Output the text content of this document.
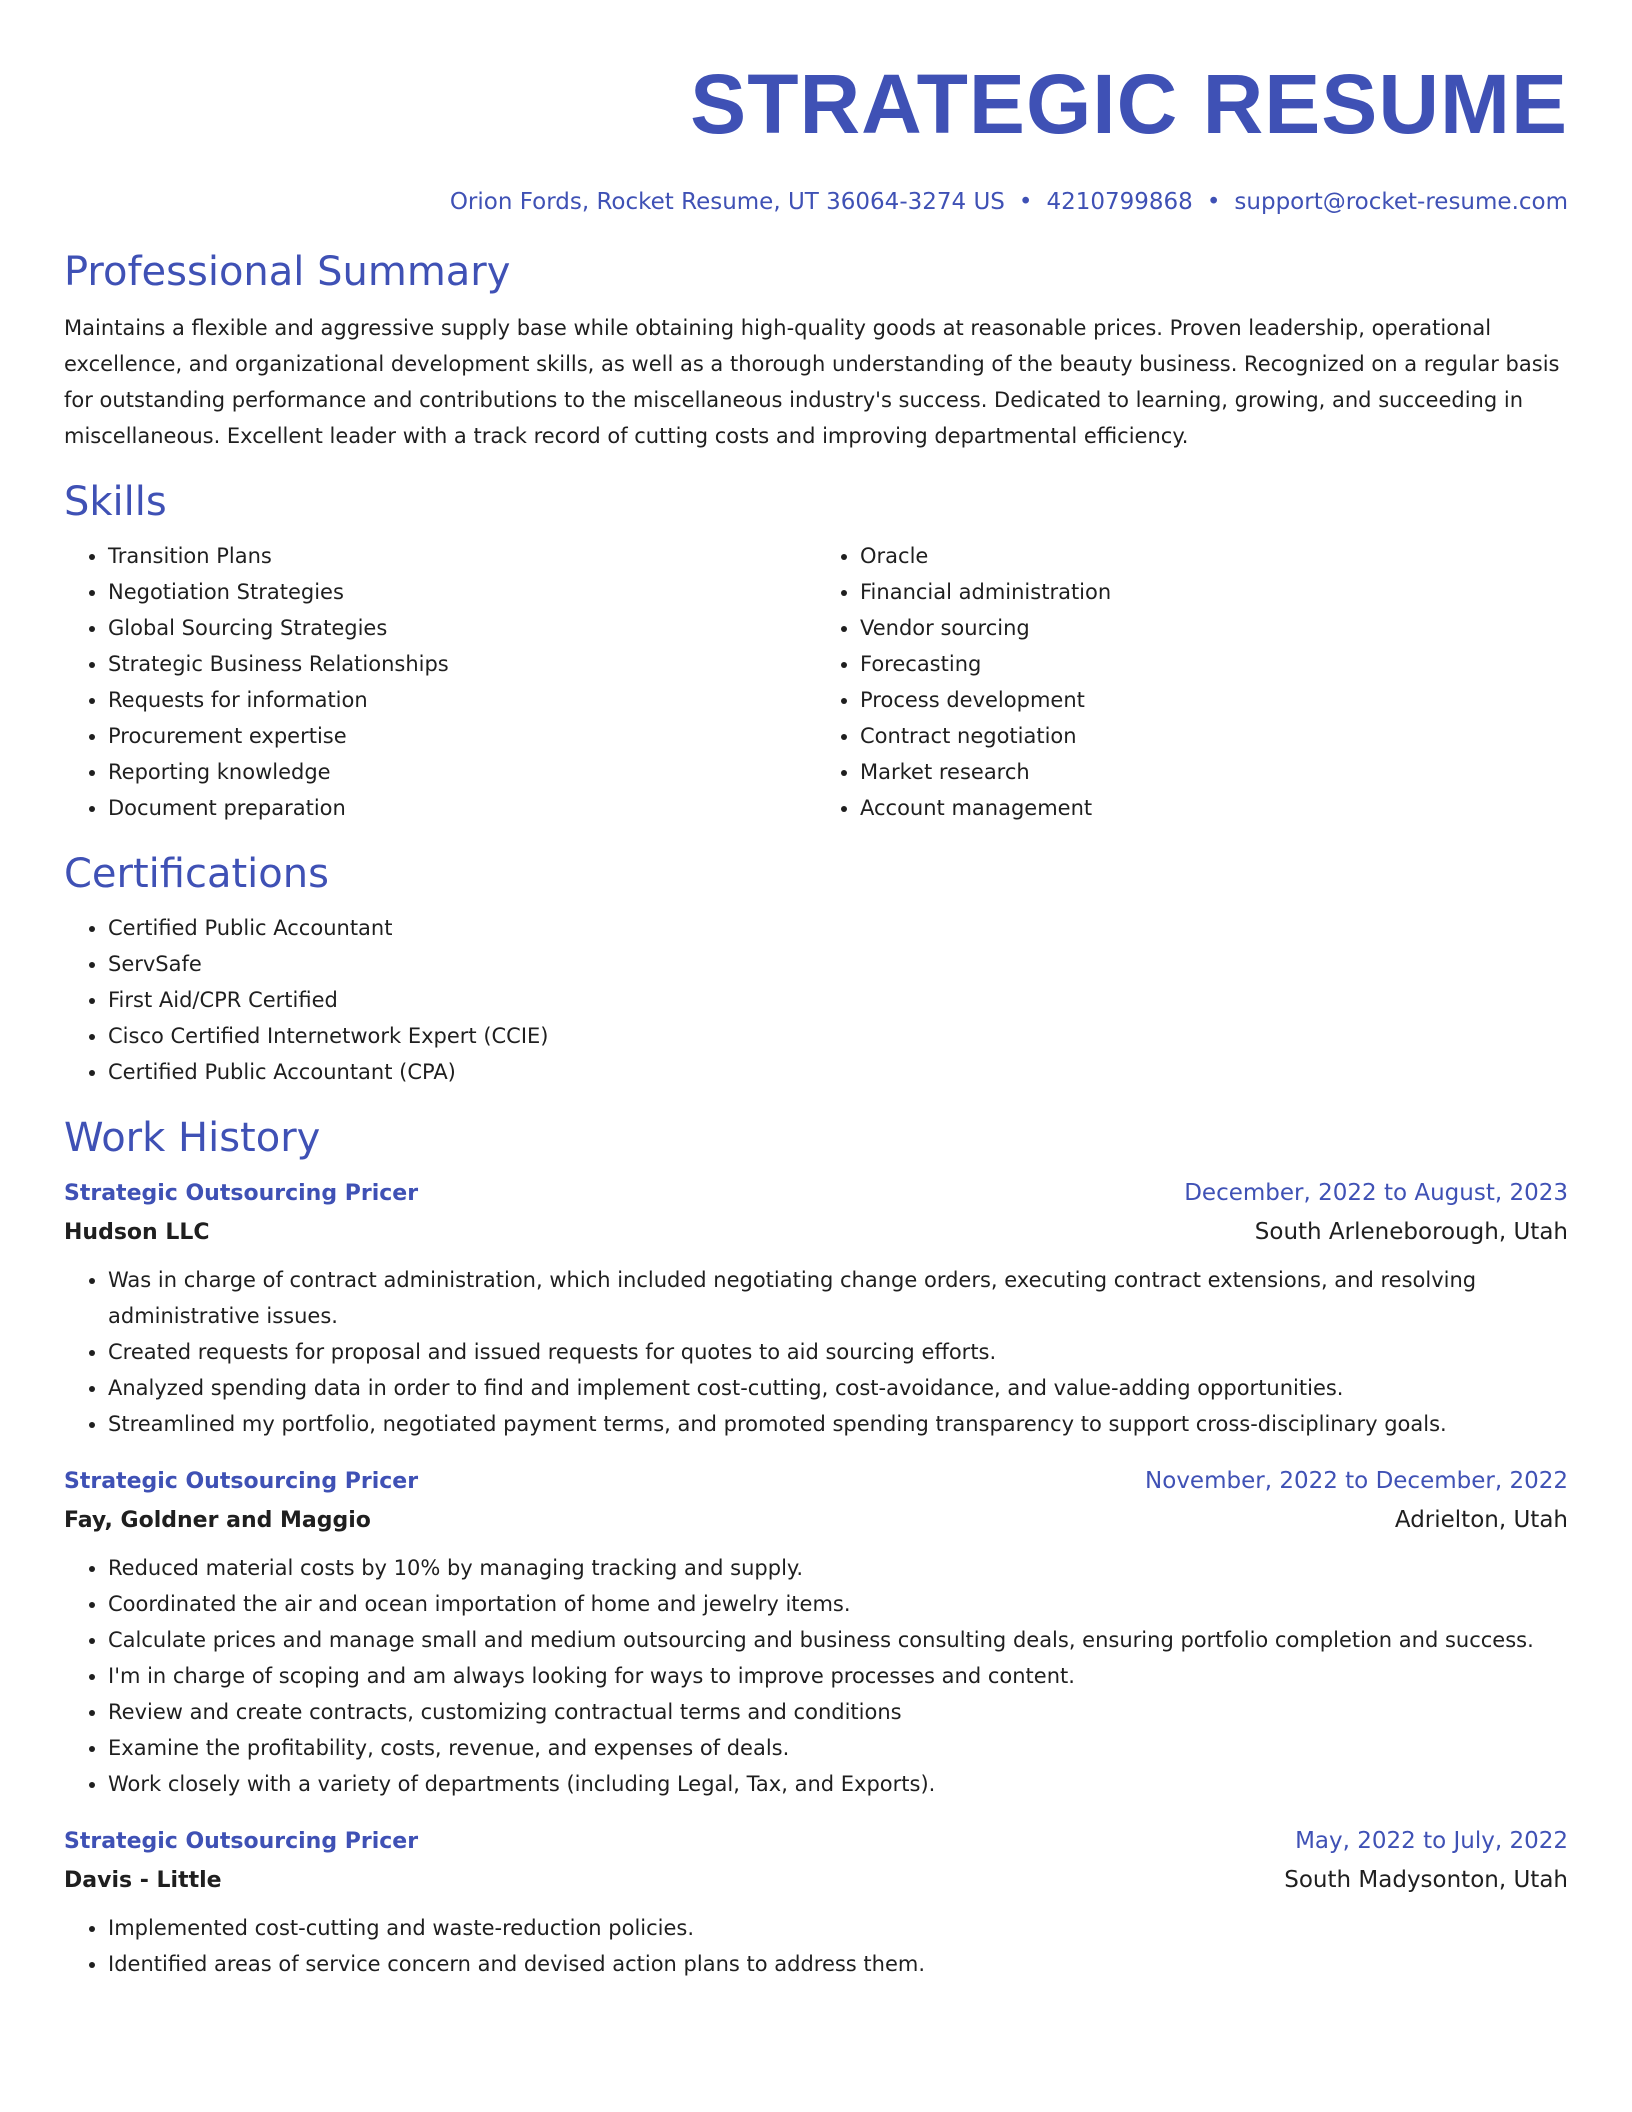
STRATEGIC RESUME
Orion Fords, Rocket Resume, UT 36064-3274 US • 4210799868 • support@rocket-resume.com
Professional Summary
Maintains a flexible and aggressive supply base while obtaining high-quality goods at reasonable prices. Proven leadership, operational excellence, and organizational development skills, as well as a thorough understanding of the beauty business. Recognized on a regular basis for outstanding performance and contributions to the miscellaneous industry's success. Dedicated to learning, growing, and succeeding in miscellaneous. Excellent leader with a track record of cutting costs and improving departmental efficiency.
Skills
• Transition Plans
• Negotiation Strategies
• Global Sourcing Strategies
• Strategic Business Relationships
• Requests for information
• Procurement expertise
• Reporting knowledge
• Document preparation
• Oracle
• Financial administration
• Vendor sourcing
• Forecasting
• Process development
• Contract negotiation
• Market research
• Account management
Certifications
• Certified Public Accountant
• ServSafe
• First Aid/CPR Certified
• Cisco Certified Internetwork Expert (CCIE)
• Certified Public Accountant (CPA)
Work History
Strategic Outsourcing Pricer	December, 2022 to August, 2023
Hudson LLC	South Arleneborough, Utah
• Was in charge of contract administration, which included negotiating change orders, executing contract extensions, and resolving administrative issues.
• Created requests for proposal and issued requests for quotes to aid sourcing efforts.
• Analyzed spending data in order to find and implement cost-cutting, cost-avoidance, and value-adding opportunities.
• Streamlined my portfolio, negotiated payment terms, and promoted spending transparency to support cross-disciplinary goals.
Strategic Outsourcing Pricer	November, 2022 to December, 2022
Fay, Goldner and Maggio	Adrielton, Utah
• Reduced material costs by 10% by managing tracking and supply.
• Coordinated the air and ocean importation of home and jewelry items.
• Calculate prices and manage small and medium outsourcing and business consulting deals, ensuring portfolio completion and success.
• I'm in charge of scoping and am always looking for ways to improve processes and content.
• Review and create contracts, customizing contractual terms and conditions
• Examine the profitability, costs, revenue, and expenses of deals.
• Work closely with a variety of departments (including Legal, Tax, and Exports).
Strategic Outsourcing Pricer	May, 2022 to July, 2022
Davis - Little	South Madysonton, Utah
• Implemented cost-cutting and waste-reduction policies.
• Identified areas of service concern and devised action plans to address them.
